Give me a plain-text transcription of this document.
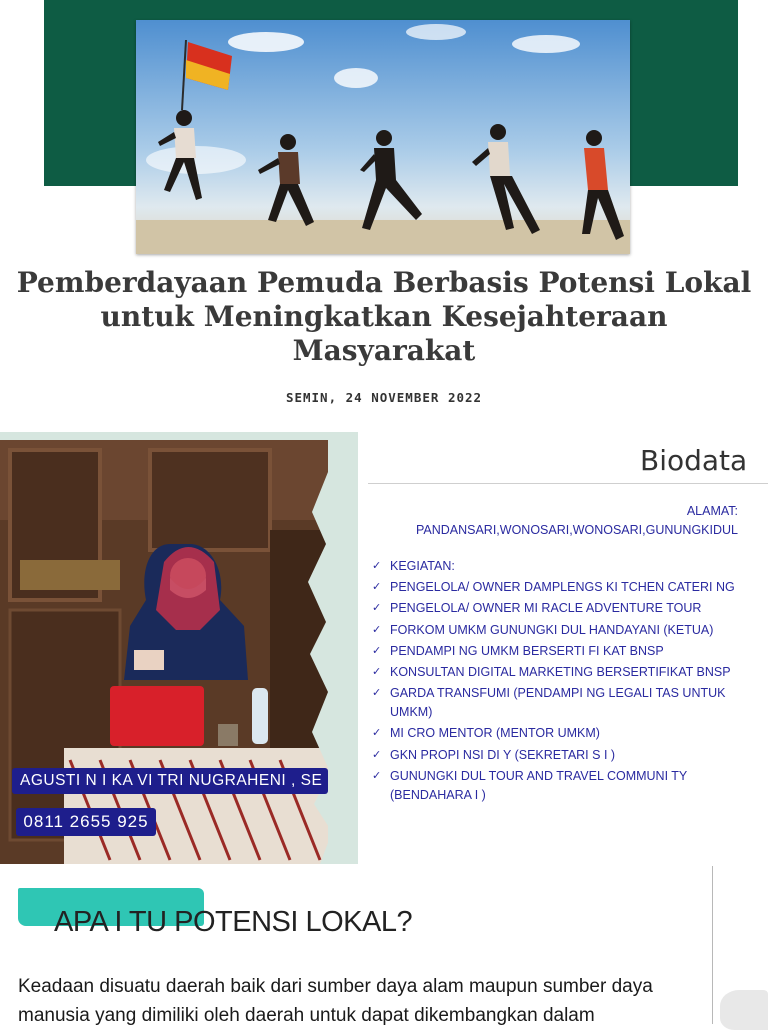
Pemberdayaan Pemuda Berbasis Potensi Lokal
untuk Meningkatkan Kesejahteraan
Masyarakat
SEMIN, 24 NOVEMBER 2022
AGUSTI N I KA VI TRI NUGRAHENI , SE
0811 2655 925
Biodata
ALAMAT:
PANDANSARI,WONOSARI,WONOSARI,GUNUNGKIDUL
✓ KEGIATAN:
✓ PENGELOLA/ OWNER DAMPLENGS KI TCHEN CATERI NG
✓ PENGELOLA/ OWNER MI RACLE ADVENTURE TOUR
✓ FORKOM UMKM GUNUNGKI DUL HANDAYANI (KETUA)
✓ PENDAMPI NG UMKM BERSERTI FI KAT BNSP
✓ KONSULTAN DIGITAL MARKETING BERSERTIFIKAT BNSP
✓ GARDA TRANSFUMI (PENDAMPI NG LEGALI TAS UNTUK UMKM)
✓ MI CRO MENTOR (MENTOR UMKM)
✓ GKN PROPI NSI DI Y (SEKRETARI S I )
✓ GUNUNGKI DUL TOUR AND TRAVEL COMMUNI TY (BENDAHARA I )
APA I TU POTENSI LOKAL?

Keadaan disuatu daerah baik dari sumber daya alam maupun sumber daya manusia yang dimiliki oleh daerah untuk dapat dikembangkan dalam
